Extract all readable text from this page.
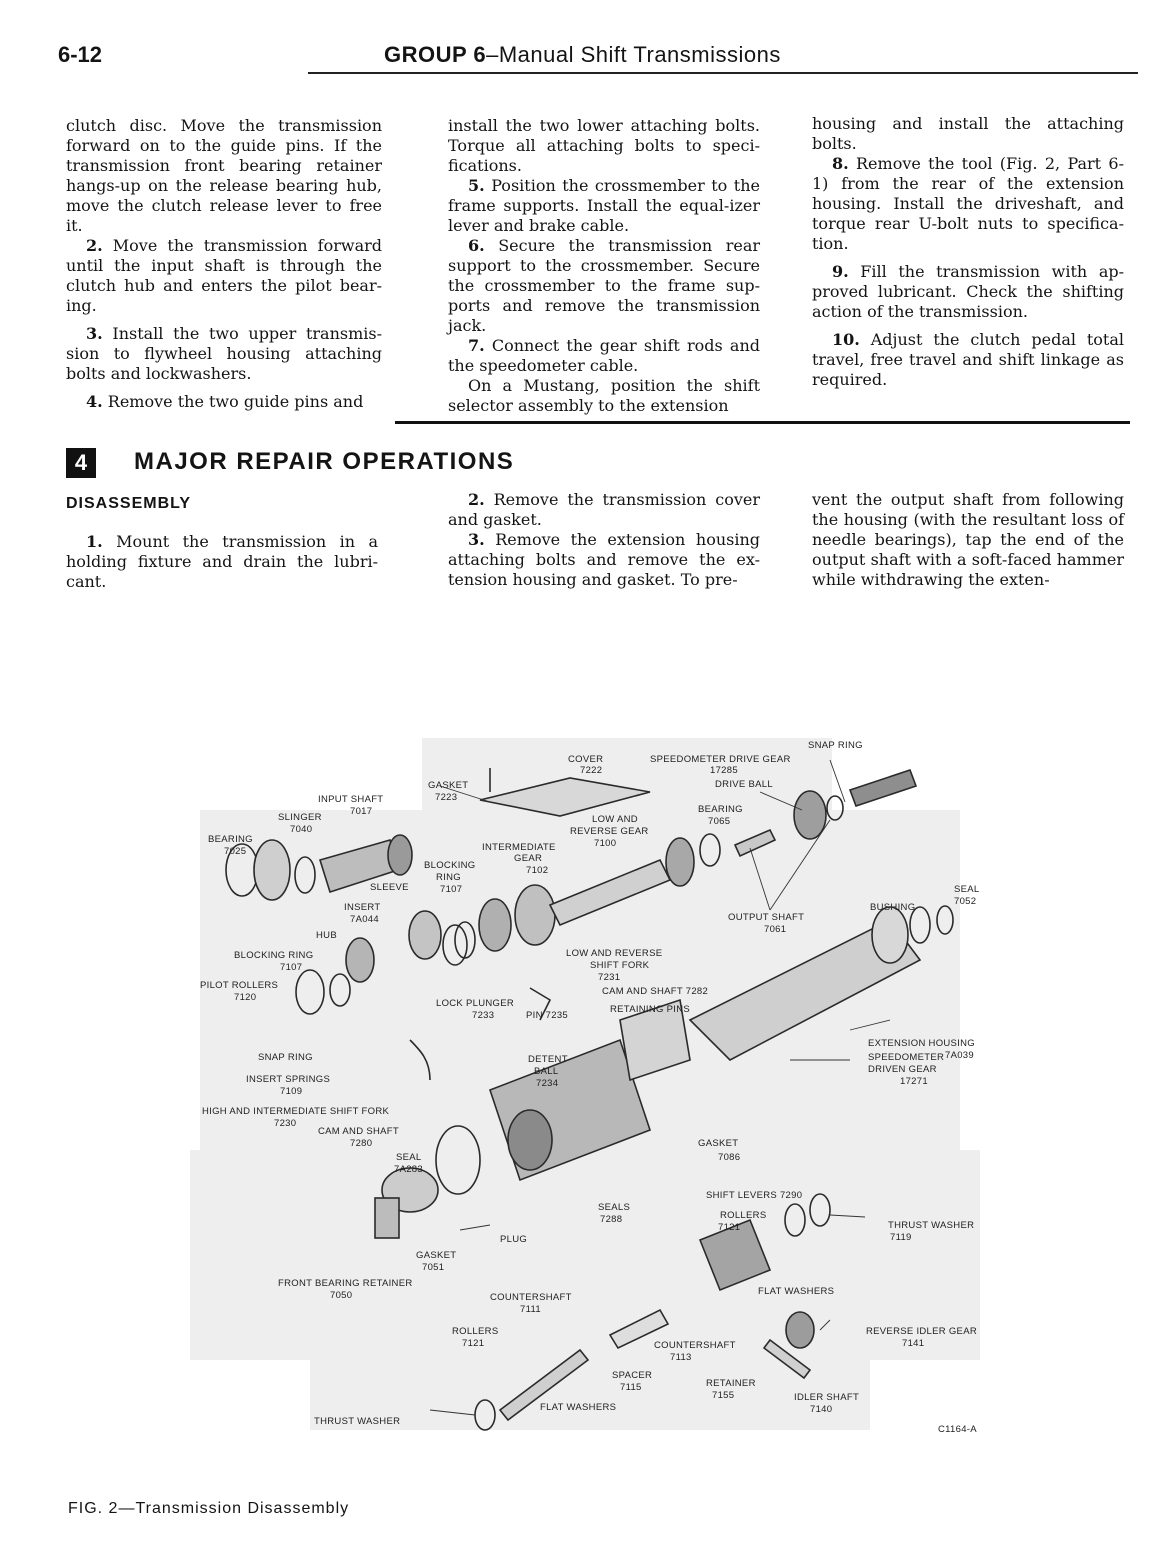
6-12	GROUP 6–Manual Shift Transmissions

clutch disc. Move the transmission forward on to the guide pins. If the transmission front bearing retainer hangs-up on the release bearing hub, move the clutch release lever to free it.

2. Move the transmission forward until the input shaft is through the clutch hub and enters the pilot bear-ing.

3. Install the two upper transmis-sion to flywheel housing attaching bolts and lockwashers.

4. Remove the two guide pins and

install the two lower attaching bolts. Torque all attaching bolts to speci-fications.

5. Position the crossmember to the frame supports. Install the equal-izer lever and brake cable.

6. Secure the transmission rear support to the crossmember. Secure the crossmember to the frame sup-ports and remove the transmission jack.

7. Connect the gear shift rods and the speedometer cable.

On a Mustang, position the shift selector assembly to the extension

housing and install the attaching bolts.

8. Remove the tool (Fig. 2, Part 6-1) from the rear of the extension housing. Install the driveshaft, and torque rear U-bolt nuts to specifica-tion.

9. Fill the transmission with ap-proved lubricant. Check the shifting action of the transmission.

10. Adjust the clutch pedal total travel, free travel and shift linkage as required.

4	MAJOR REPAIR OPERATIONS
DISASSEMBLY

1. Mount the transmission in a holding fixture and drain the lubri-cant.

2. Remove the transmission cover and gasket.

3. Remove the extension housing attaching bolts and remove the ex-tension housing and gasket. To pre-

vent the output shaft from following the housing (with the resultant loss of needle bearings), tap the end of the output shaft with a soft-faced hammer while withdrawing the exten-

SNAP RING
COVER
7222
SPEEDOMETER DRIVE GEAR
17285
DRIVE BALL
GASKET
7223
INPUT SHAFT
7017	BEARING
7065
SLINGER
7040
LOW AND
REVERSE GEAR
7100
BEARING
7025	INTERMEDIATE
GEAR
7102
BLOCKING
RING
7107
SLEEVE
INSERT
7A044
HUB
OUTPUT SHAFT
7061
BUSHING
SEAL
7052
BLOCKING RING
7107
LOW AND REVERSE
SHIFT FORK
7231
PILOT ROLLERS
7120
CAM AND SHAFT 7282
LOCK PLUNGER
7233	PIN 7235
RETAINING PINS
EXTENSION HOUSING
SNAP RING	SPEEDOMETER 7A039
DRIVEN GEAR
17271
INSERT SPRINGS
7109
DETENT
BALL
7234
HIGH AND INTERMEDIATE SHIFT FORK
7230
CAM AND SHAFT
7280
SEAL
7A283
GASKET
7086
SHIFT LEVERS 7290
SEALS
7288	ROLLERS
7121	THRUST WASHER
7119
PLUG
GASKET
7051
FRONT BEARING RETAINER
7050	FLAT WASHERS
COUNTERSHAFT
7111
REVERSE IDLER GEAR
7141
ROLLERS
7121	COUNTERSHAFT
7113
SPACER
7115	RETAINER
7155	IDLER SHAFT
7140
THRUST WASHER
FLAT WASHERS
C1164-A
FIG. 2—Transmission Disassembly
